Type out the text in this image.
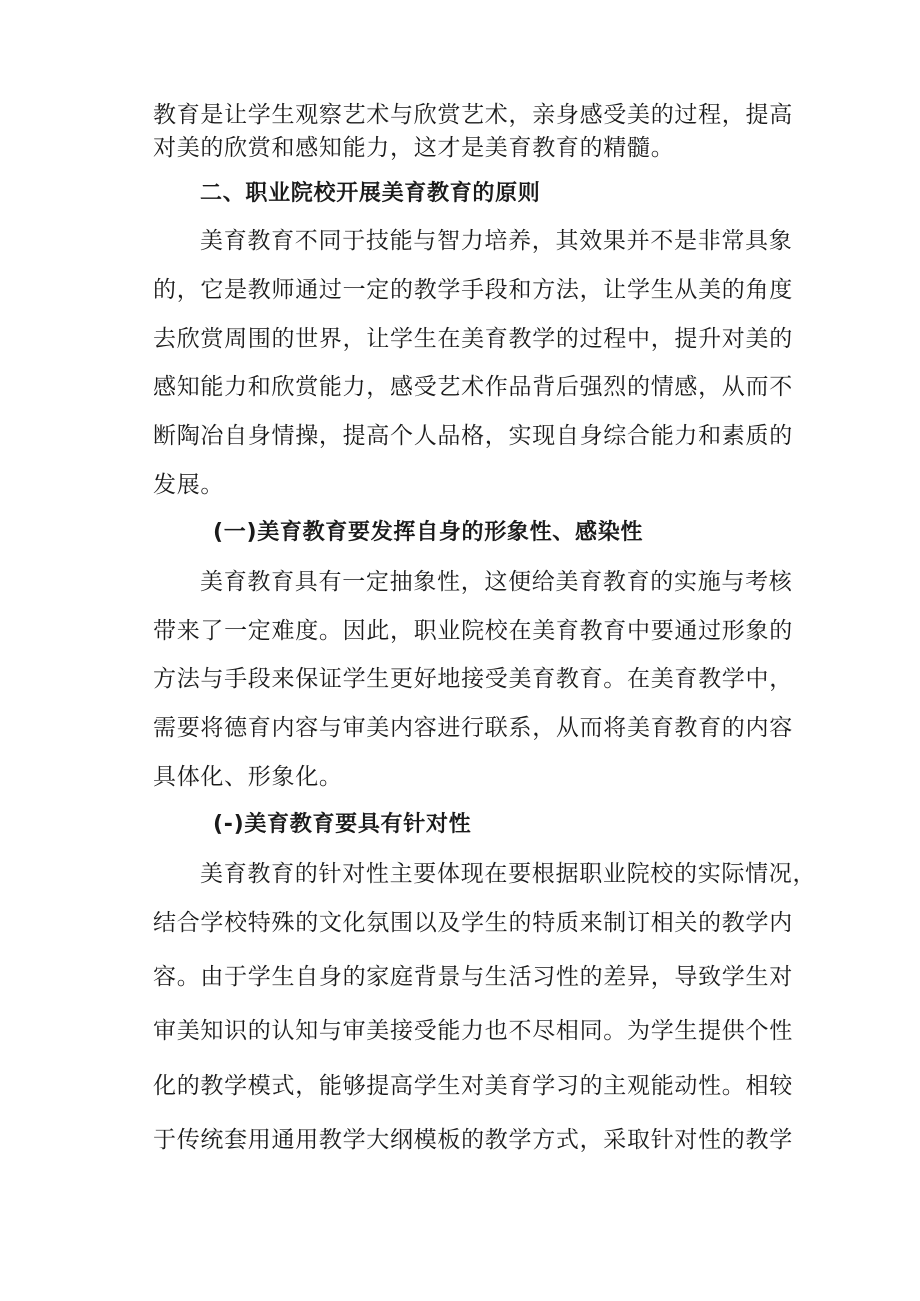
教育是让学生观察艺术与欣赏艺术，亲身感受美的过程，提高
对美的欣赏和感知能力，这才是美育教育的精髓。
二、职业院校开展美育教育的原则
美育教育不同于技能与智力培养，其效果并不是非常具象
的，它是教师通过一定的教学手段和方法，让学生从美的角度
去欣赏周围的世界，让学生在美育教学的过程中，提升对美的
感知能力和欣赏能力，感受艺术作品背后强烈的情感，从而不
断陶冶自身情操，提高个人品格，实现自身综合能力和素质的
发展。
(一)美育教育要发挥自身的形象性、感染性
美育教育具有一定抽象性，这便给美育教育的实施与考核
带来了一定难度。因此，职业院校在美育教育中要通过形象的
方法与手段来保证学生更好地接受美育教育。在美育教学中，
需要将德育内容与审美内容进行联系，从而将美育教育的内容
具体化、形象化。
(-)美育教育要具有针对性
美育教育的针对性主要体现在要根据职业院校的实际情况，
结合学校特殊的文化氛围以及学生的特质来制订相关的教学内
容。由于学生自身的家庭背景与生活习性的差异，导致学生对
审美知识的认知与审美接受能力也不尽相同。为学生提供个性
化的教学模式，能够提高学生对美育学习的主观能动性。相较
于传统套用通用教学大纲模板的教学方式，采取针对性的教学
